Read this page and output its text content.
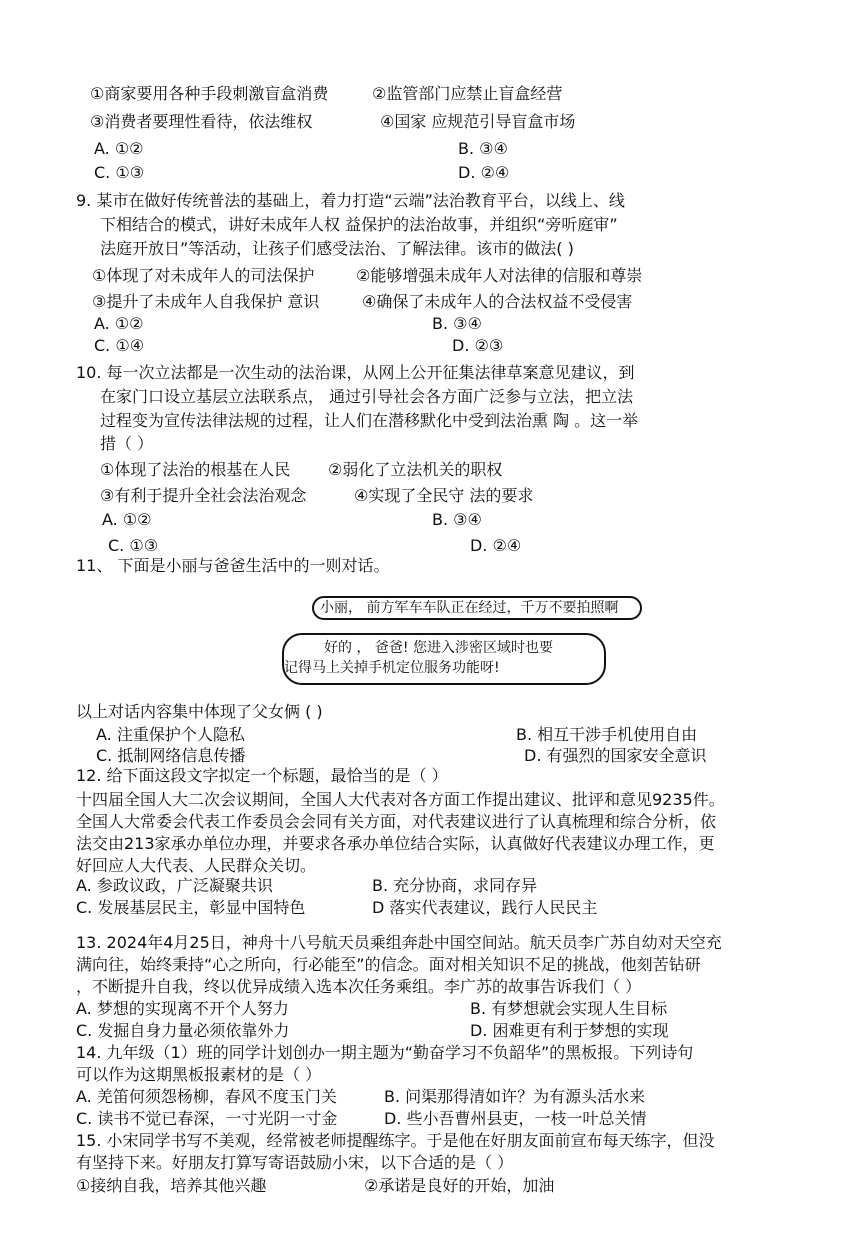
①商家要用各种手段刺激盲盒消费	②监管部门应禁止盲盒经营
③消费者要理性看待，依法维权	④国家 应规范引导盲盒市场
A. ①②	B. ③④
C. ①③	D. ②④
9. 某市在做好传统普法的基础上，着力打造“云端”法治教育平台，以线上、线
下相结合的模式，讲好未成年人权 益保护的法治故事，并组织“旁听庭审”
法庭开放日”等活动，让孩子们感受法治、了解法律。该市的做法( )
①体现了对未成年人的司法保护	②能够增强未成年人对法律的信服和尊崇
③提升了未成年人自我保护 意识	④确保了未成年人的合法权益不受侵害
A. ①②	B. ③④
C. ①④	D. ②③
10. 每一次立法都是一次生动的法治课，从网上公开征集法律草案意见建议，到
在家门口设立基层立法联系点， 通过引导社会各方面广泛参与立法，把立法
过程变为宣传法律法规的过程，让人们在潜移默化中受到法治熏 陶 。这一举
措（ ）
①体现了法治的根基在人民 ②弱化了立法机关的职权
③有利于提升全社会法治观念	④实现了全民守 法的要求
A. ①②	B. ③④
C. ①③	D. ②④
11、 下面是小丽与爸爸生活中的一则对话。
小丽， 前方军车车队正在经过，千万不要拍照啊
好的 ， 爸爸! 您进入涉密区域时也要
记得马上关掉手机定位服务功能呀!
以上对话内容集中体现了父女俩 ( )
A. 注重保护个人隐私	B. 相互干涉手机使用自由
C. 抵制网络信息传播	D. 有强烈的国家安全意识
12. 给下面这段文字拟定一个标题，最恰当的是（ ）
十四届全国人大二次会议期间，全国人大代表对各方面工作提出建议、批评和意见9235件。
全国人大常委会代表工作委员会会同有关方面，对代表建议进行了认真梳理和综合分析，依
法交由213家承办单位办理，并要求各承办单位结合实际，认真做好代表建议办理工作，更
好回应人大代表、人民群众关切。
A. 参政议政，广泛凝聚共识	B. 充分协商，求同存异
C. 发展基层民主，彰显中国特色	D 落实代表建议，践行人民民主
13. 2024年4月25日，神舟十八号航天员乘组奔赴中国空间站。航天员李广苏自幼对天空充
满向往，始终秉持“心之所向，行必能至”的信念。面对相关知识不足的挑战，他刻苦钻研
，不断提升自我，终以优异成绩入选本次任务乘组。李广苏的故事告诉我们（ ）
A. 梦想的实现离不开个人努力	B. 有梦想就会实现人生目标
C. 发掘自身力量必须依靠外力	D. 困难更有利于梦想的实现
14. 九年级（1）班的同学计划创办一期主题为“勤奋学习不负韶华”的黑板报。下列诗句
可以作为这期黑板报素材的是（ ）
A. 羌笛何须怨杨柳，春风不度玉门关	B. 问渠那得清如许？为有源头活水来
C. 读书不觉已春深，一寸光阴一寸金	D. 些小吾曹州县吏，一枝一叶总关情
15. 小宋同学书写不美观，经常被老师提醒练字。于是他在好朋友面前宣布每天练字，但没
有坚持下来。好朋友打算写寄语鼓励小宋，以下合适的是（ ）
①接纳自我，培养其他兴趣	②承诺是良好的开始，加油
